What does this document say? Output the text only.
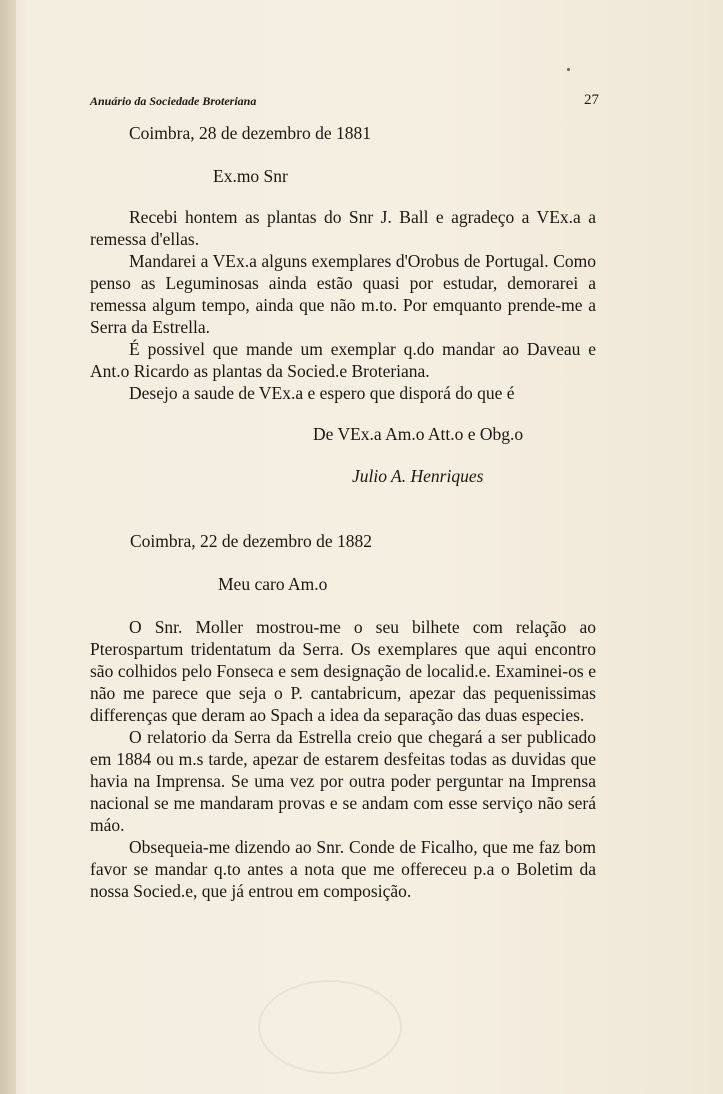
Anuário da Sociedade Broteriana	27
Coimbra, 28 de dezembro de 1881
Ex.mo Snr

Recebi hontem as plantas do Snr J. Ball e agradeço a VEx.a a remessa d'ellas.

Mandarei a VEx.a alguns exemplares d'Orobus de Portugal. Como penso as Leguminosas ainda estão quasi por estudar, demorarei a remessa algum tempo, ainda que não m.to. Por emquanto prende-me a Serra da Estrella.

É possivel que mande um exemplar q.do mandar ao Daveau e Ant.o Ricardo as plantas da Socied.e Broteriana.

Desejo a saude de VEx.a e espero que disporá do que é

De VEx.a Am.o Att.o e Obg.o
Julio A. Henriques
Coimbra, 22 de dezembro de 1882
Meu caro Am.o

O Snr. Moller mostrou-me o seu bilhete com relação ao Pterospartum tridentatum da Serra. Os exemplares que aqui encontro são colhidos pelo Fonseca e sem designação de localid.e. Examinei-os e não me parece que seja o P. cantabricum, apezar das pequenissimas differenças que deram ao Spach a idea da separação das duas especies.

O relatorio da Serra da Estrella creio que chegará a ser publicado em 1884 ou m.s tarde, apezar de estarem desfeitas todas as duvidas que havia na Imprensa. Se uma vez por outra poder perguntar na Imprensa nacional se me mandaram provas e se andam com esse serviço não será máo.

Obsequeia-me dizendo ao Snr. Conde de Ficalho, que me faz bom favor se mandar q.to antes a nota que me offereceu p.a o Boletim da nossa Socied.e, que já entrou em composição.
